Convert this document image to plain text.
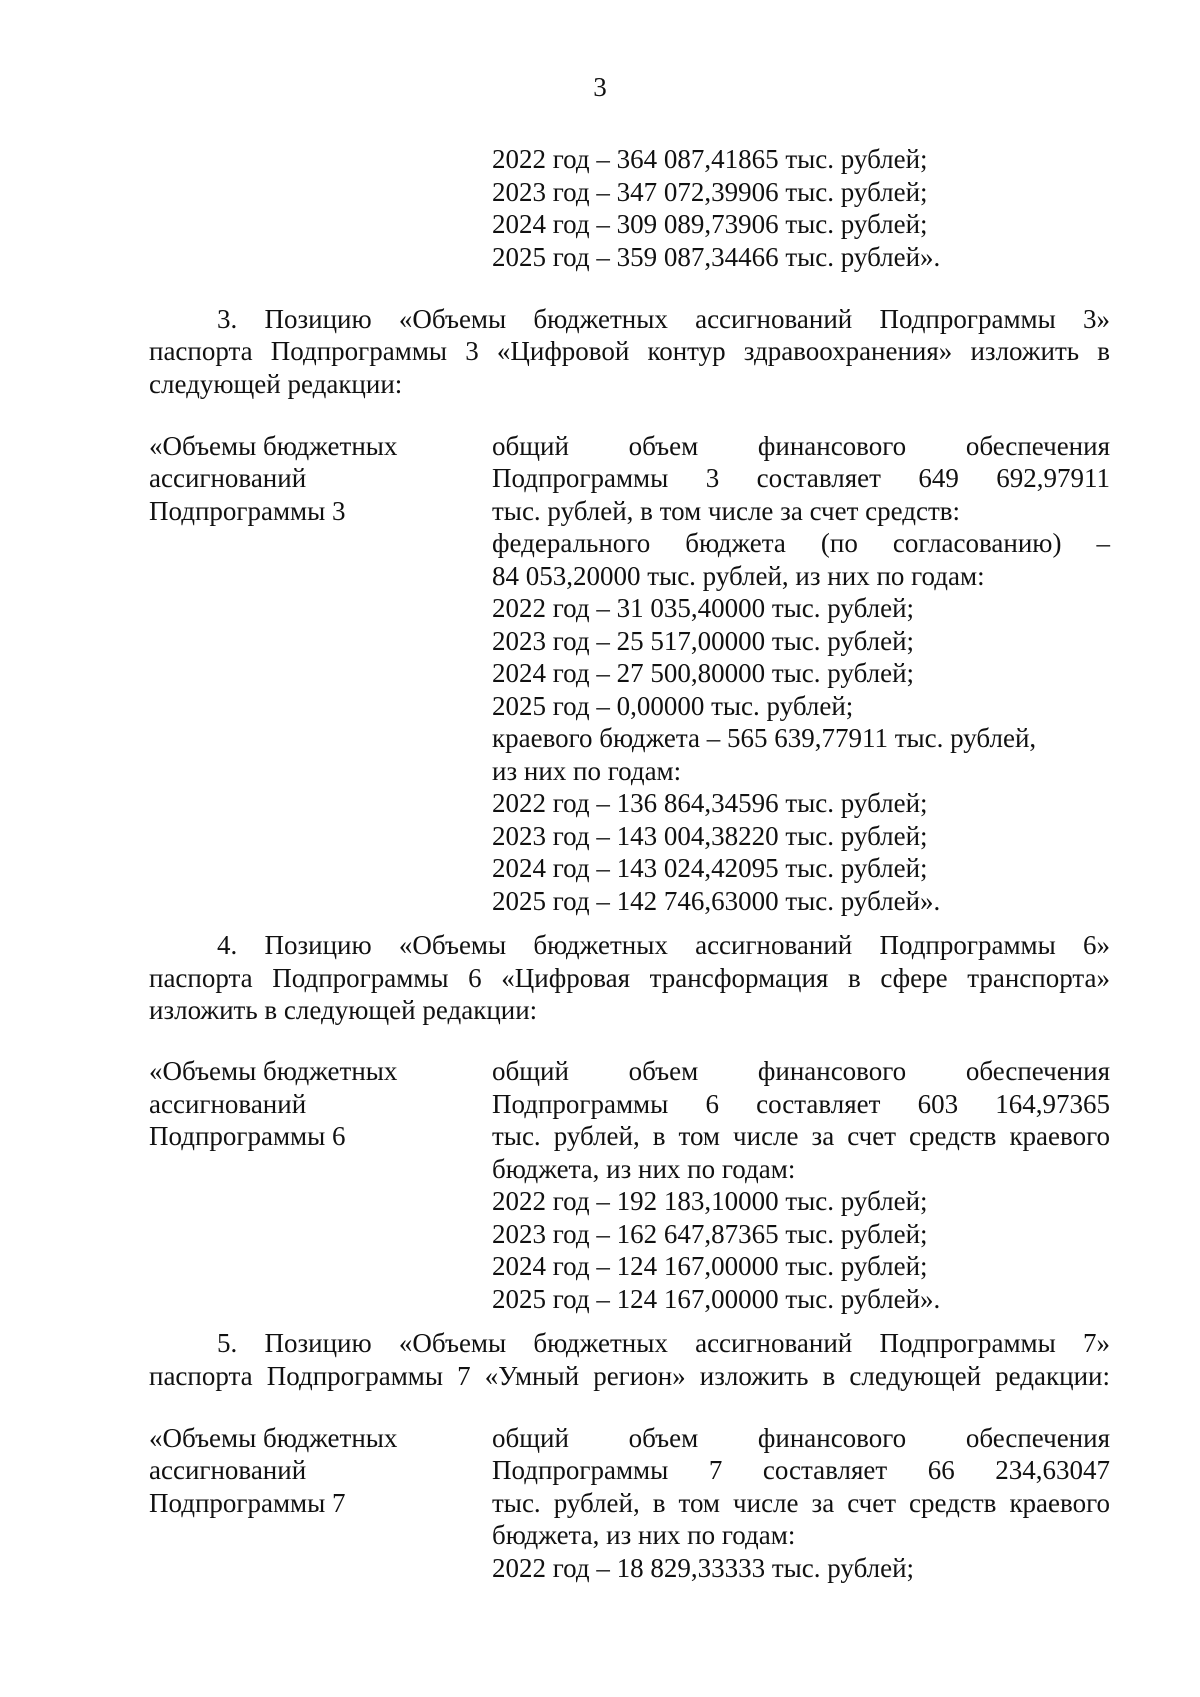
3
2022 год – 364 087,41865 тыс. рублей;
2023 год – 347 072,39906 тыс. рублей;
2024 год – 309 089,73906 тыс. рублей;
2025 год – 359 087,34466 тыс. рублей».
3. Позицию «Объемы бюджетных ассигнований Подпрограммы 3»
паспорта Подпрограммы 3 «Цифровой контур здравоохранения» изложить в
следующей редакции:
«Объемы бюджетных
ассигнований
Подпрограммы 3
общий объем финансового обеспечения
Подпрограммы 3 составляет 649 692,97911
тыс. рублей, в том числе за счет средств:
федерального бюджета (по согласованию) –
84 053,20000 тыс. рублей, из них по годам:
2022 год – 31 035,40000 тыс. рублей;
2023 год – 25 517,00000 тыс. рублей;
2024 год – 27 500,80000 тыс. рублей;
2025 год – 0,00000 тыс. рублей;
краевого бюджета – 565 639,77911 тыс. рублей,
из них по годам:
2022 год – 136 864,34596 тыс. рублей;
2023 год – 143 004,38220 тыс. рублей;
2024 год – 143 024,42095 тыс. рублей;
2025 год – 142 746,63000 тыс. рублей».
4. Позицию «Объемы бюджетных ассигнований Подпрограммы 6»
паспорта Подпрограммы 6 «Цифровая трансформация в сфере транспорта»
изложить в следующей редакции:
«Объемы бюджетных
ассигнований
Подпрограммы 6
общий объем финансового обеспечения
Подпрограммы 6 составляет 603 164,97365
тыс. рублей, в том числе за счет средств краевого
бюджета, из них по годам:
2022 год – 192 183,10000 тыс. рублей;
2023 год – 162 647,87365 тыс. рублей;
2024 год – 124 167,00000 тыс. рублей;
2025 год – 124 167,00000 тыс. рублей».
5. Позицию «Объемы бюджетных ассигнований Подпрограммы 7»
паспорта Подпрограммы 7 «Умный регион» изложить в следующей редакции:
«Объемы бюджетных
ассигнований
Подпрограммы 7
общий объем финансового обеспечения
Подпрограммы 7 составляет 66 234,63047
тыс. рублей, в том числе за счет средств краевого
бюджета, из них по годам:
2022 год – 18 829,33333 тыс. рублей;
